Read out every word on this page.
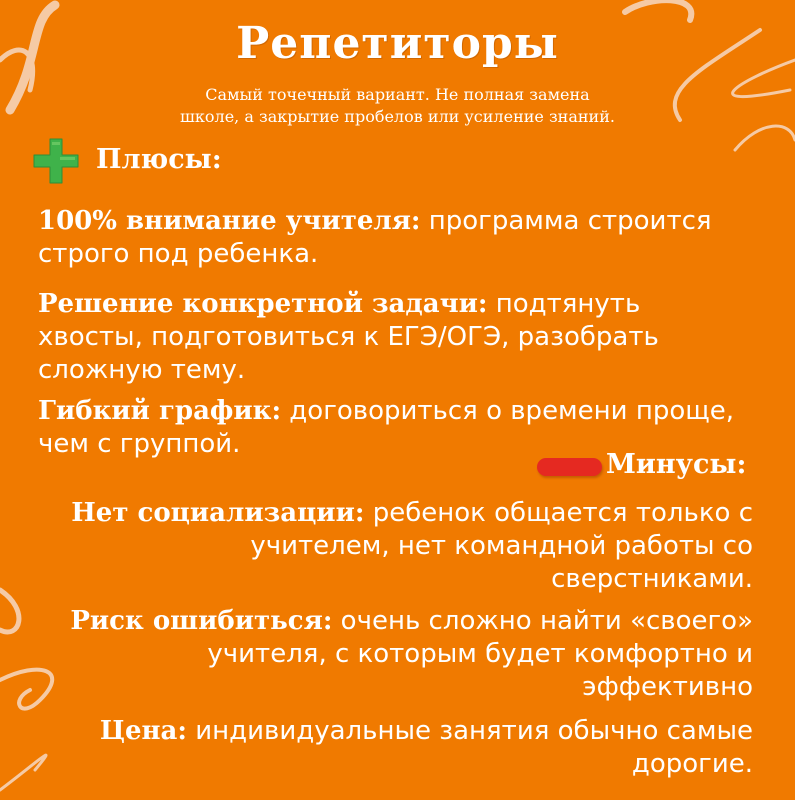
Репетиторы
Самый точечный вариант. Не полная замена
школе, а закрытие пробелов или усиление знаний.
Плюсы:
100% внимание учителя: программа строится
строго под ребенка.
Решение конкретной задачи: подтянуть
хвосты, подготовиться к ЕГЭ/ОГЭ, разобрать
сложную тему.
Гибкий график: договориться о времени проще,
чем с группой.
Минусы:
Нет социализации: ребенок общается только с
учителем, нет командной работы со
сверстниками.
Риск ошибиться: очень сложно найти «своего»
учителя, с которым будет комфортно и
эффективно
Цена: индивидуальные занятия обычно самые
дорогие.
